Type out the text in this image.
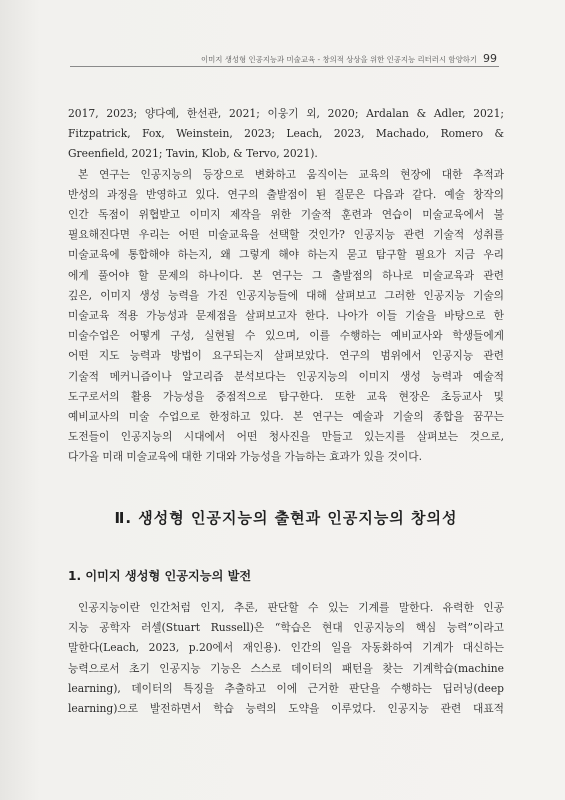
이미지 생성형 인공지능과 미술교육 - 창의적 상상을 위한 인공지능 리터러시 함양하기 99

2017, 2023; 양다예, 한선관, 2021; 이웅기 외, 2020; Ardalan & Adler, 2021;
Fitzpatrick, Fox, Weinstein, 2023; Leach, 2023, Machado, Romero &
Greenfield, 2021; Tavin, Klob, & Tervo, 2021).

본 연구는 인공지능의 등장으로 변화하고 움직이는 교육의 현장에 대한 추적과
반성의 과정을 반영하고 있다. 연구의 출발점이 된 질문은 다음과 같다. 예술 창작의
인간 독점이 위협받고 이미지 제작을 위한 기술적 훈련과 연습이 미술교육에서 불
필요해진다면 우리는 어떤 미술교육을 선택할 것인가? 인공지능 관련 기술적 성취를
미술교육에 통합해야 하는지, 왜 그렇게 해야 하는지 묻고 탐구할 필요가 지금 우리
에게 풀어야 할 문제의 하나이다. 본 연구는 그 출발점의 하나로 미술교육과 관련
깊은, 이미지 생성 능력을 가진 인공지능들에 대해 살펴보고 그러한 인공지능 기술의
미술교육 적용 가능성과 문제점을 살펴보고자 한다. 나아가 이들 기술을 바탕으로 한
미술수업은 어떻게 구성, 실현될 수 있으며, 이를 수행하는 예비교사와 학생들에게
어떤 지도 능력과 방법이 요구되는지 살펴보았다. 연구의 범위에서 인공지능 관련
기술적 메커니즘이나 알고리즘 분석보다는 인공지능의 이미지 생성 능력과 예술적
도구로서의 활용 가능성을 중점적으로 탐구한다. 또한 교육 현장은 초등교사 및
예비교사의 미술 수업으로 한정하고 있다. 본 연구는 예술과 기술의 종합을 꿈꾸는
도전들이 인공지능의 시대에서 어떤 청사진을 만들고 있는지를 살펴보는 것으로,
다가올 미래 미술교육에 대한 기대와 가능성을 가늠하는 효과가 있을 것이다.

Ⅱ. 생성형 인공지능의 출현과 인공지능의 창의성
1. 이미지 생성형 인공지능의 발전

인공지능이란 인간처럼 인지, 추론, 판단할 수 있는 기계를 말한다. 유력한 인공
지능 공학자 러셀(Stuart Russell)은 “학습은 현대 인공지능의 핵심 능력”이라고
말한다(Leach, 2023, p.20에서 재인용). 인간의 일을 자동화하여 기계가 대신하는
능력으로서 초기 인공지능 기능은 스스로 데이터의 패턴을 찾는 기계학습(machine
learning), 데이터의 특징을 추출하고 이에 근거한 판단을 수행하는 딥러닝(deep
learning)으로 발전하면서 학습 능력의 도약을 이루었다. 인공지능 관련 대표적
